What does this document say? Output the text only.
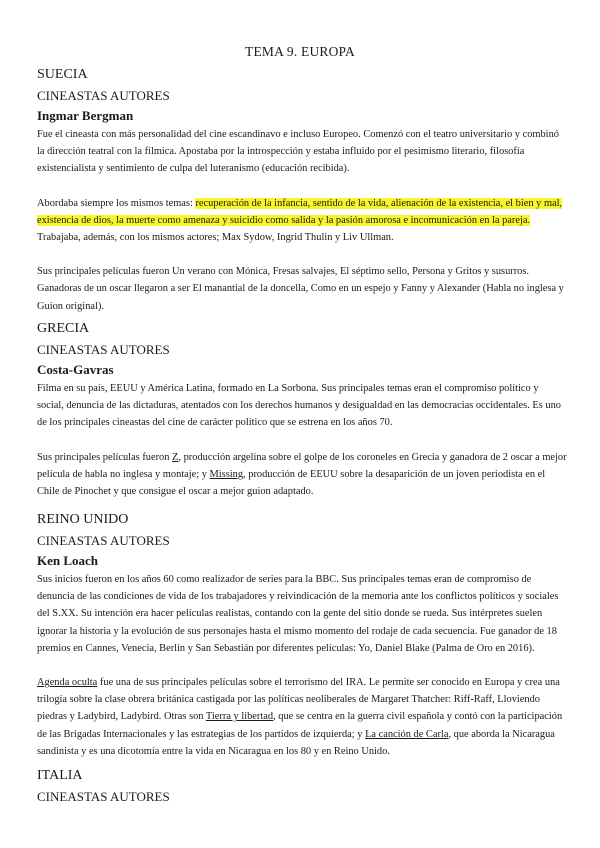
TEMA 9. EUROPA
SUECIA
CINEASTAS AUTORES
Ingmar Bergman

Fue el cineasta con más personalidad del cine escandinavo e incluso Europeo. Comenzó con el teatro universitario y combinó la dirección teatral con la fílmica. Apostaba por la introspección y estaba influido por el pesimismo literario, filosofía existencialista y sentimiento de culpa del luteranismo (educación recibida).

Abordaba siempre los mismos temas: recuperación de la infancia, sentido de la vida, alienación de la existencia, el bien y mal, existencia de dios, la muerte como amenaza y suicidio como salida y la pasión amorosa e incomunicación en la pareja. Trabajaba, además, con los mismos actores; Max Sydow, Ingrid Thulin y Liv Ullman.

Sus principales películas fueron Un verano con Mónica, Fresas salvajes, El séptimo sello, Persona y Gritos y susurros. Ganadoras de un oscar llegaron a ser El manantial de la doncella, Como en un espejo y Fanny y Alexander (Habla no inglesa y Guion original).

GRECIA
CINEASTAS AUTORES
Costa-Gavras

Filma en su país, EEUU y América Latina, formado en La Sorbona. Sus principales temas eran el compromiso político y social, denuncia de las dictaduras, atentados con los derechos humanos y desigualdad en las democracias occidentales. Es uno de los principales cineastas del cine de carácter político que se estrena en los años 70.

Sus principales películas fueron Z, producción argelina sobre el golpe de los coroneles en Grecia y ganadora de 2 oscar a mejor película de habla no inglesa y montaje; y Missing, producción de EEUU sobre la desaparición de un joven periodista en el Chile de Pinochet y que consigue el oscar a mejor guion adaptado.

REINO UNIDO
CINEASTAS AUTORES
Ken Loach

Sus inicios fueron en los años 60 como realizador de series para la BBC. Sus principales temas eran de compromiso de denuncia de las condiciones de vida de los trabajadores y reivindicación de la memoria ante los conflictos políticos y sociales del S.XX. Su intención era hacer películas realistas, contando con la gente del sitio donde se rueda. Sus intérpretes suelen ignorar la historia y la evolución de sus personajes hasta el mismo momento del rodaje de cada secuencia. Fue ganador de 18 premios en Cannes, Venecia, Berlín y San Sebastián por diferentes películas: Yo, Daniel Blake (Palma de Oro en 2016).

Agenda oculta fue una de sus principales películas sobre el terrorismo del IRA. Le permite ser conocido en Europa y crea una trilogía sobre la clase obrera británica castigada por las políticas neoliberales de Margaret Thatcher: Riff-Raff, Lloviendo piedras y Ladybird, Ladybird. Otras son Tierra y libertad, que se centra en la guerra civil española y contó con la participación de las Brigadas Internacionales y las estrategias de los partidos de izquierda; y La canción de Carla, que aborda la Nicaragua sandinista y es una dicotomía entre la vida en Nicaragua en los 80 y en Reino Unido.

ITALIA
CINEASTAS AUTORES
